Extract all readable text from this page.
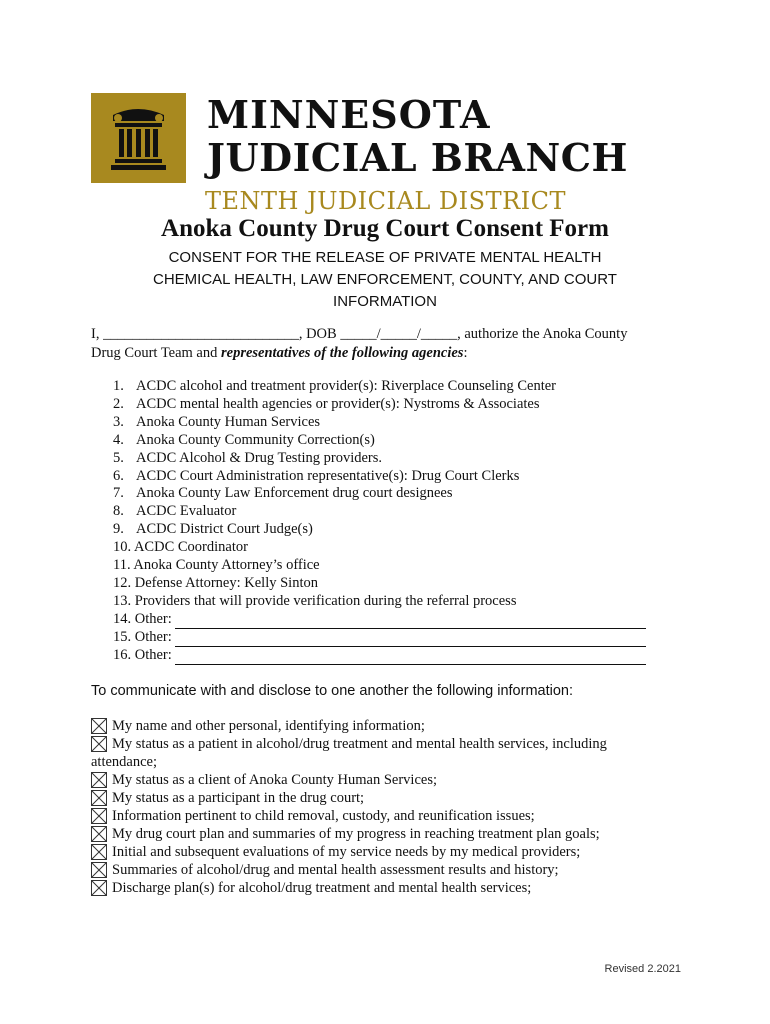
MINNESOTA
JUDICIAL BRANCH
TENTH JUDICIAL DISTRICT
Anoka County Drug Court Consent Form
CONSENT FOR THE RELEASE OF PRIVATE MENTAL HEALTH
CHEMICAL HEALTH, LAW ENFORCEMENT, COUNTY, AND COURT
INFORMATION
I, ___________________________, DOB _____/_____/_____, authorize the Anoka County
Drug Court Team and representatives of the following agencies:
1. ACDC alcohol and treatment provider(s): Riverplace Counseling Center
2. ACDC mental health agencies or provider(s): Nystroms & Associates
3. Anoka County Human Services
4. Anoka County Community Correction(s)
5. ACDC Alcohol & Drug Testing providers.
6. ACDC Court Administration representative(s): Drug Court Clerks
7. Anoka County Law Enforcement drug court designees
8. ACDC Evaluator
9. ACDC District Court Judge(s)
10. ACDC Coordinator
11. Anoka County Attorney’s office
12. Defense Attorney: Kelly Sinton
13. Providers that will provide verification during the referral process
14. Other:
15. Other:
16. Other:
To communicate with and disclose to one another the following information:
My name and other personal, identifying information;
My status as a patient in alcohol/drug treatment and mental health services, including
attendance;
My status as a client of Anoka County Human Services;
My status as a participant in the drug court;
Information pertinent to child removal, custody, and reunification issues;
My drug court plan and summaries of my progress in reaching treatment plan goals;
Initial and subsequent evaluations of my service needs by my medical providers;
Summaries of alcohol/drug and mental health assessment results and history;
Discharge plan(s) for alcohol/drug treatment and mental health services;
Revised 2.2021
